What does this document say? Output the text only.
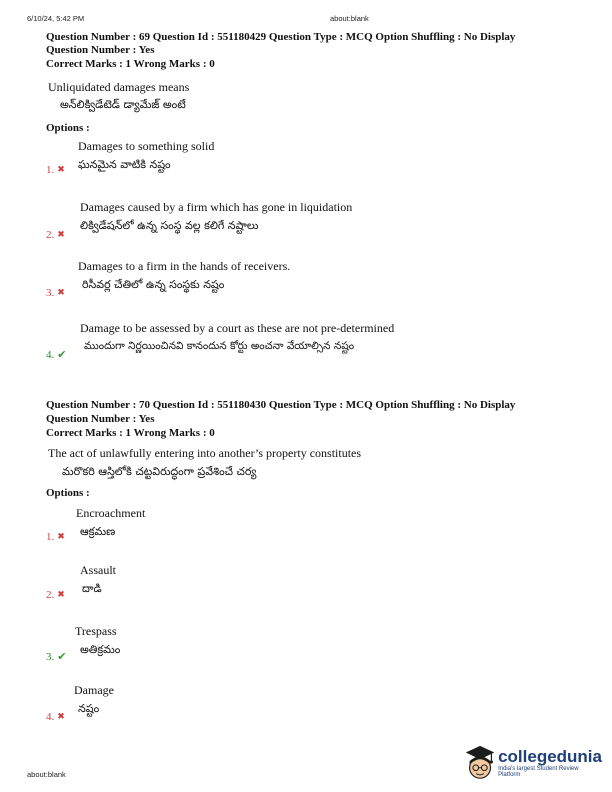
6/10/24, 5:42 PM	about:blank
Question Number : 69 Question Id : 551180429 Question Type : MCQ Option Shuffling : No Display
Question Number : Yes
Correct Marks : 1 Wrong Marks : 0
Unliquidated damages means
అన్‌లిక్విడేటెడ్ డ్యామేజ్ అంటే
Options :
Damages to something solid
ఘనమైన వాటికి నష్టం
1. ✖
Damages caused by a firm which has gone in liquidation
లిక్విడేషన్‌లో ఉన్న సంస్థ వల్ల కలిగే నష్టాలు
2. ✖
Damages to a firm in the hands of receivers.
రిసీవర్ల చేతిలో ఉన్న సంస్థకు నష్టం
3. ✖
Damage to be assessed by a court as these are not pre-determined
ముందుగా నిర్ణయించినవి కానందున కోర్టు అంచనా వేయాల్సిన నష్టం
4. ✔
Question Number : 70 Question Id : 551180430 Question Type : MCQ Option Shuffling : No Display
Question Number : Yes
Correct Marks : 1 Wrong Marks : 0
The act of unlawfully entering into another’s property constitutes
మరొకరి ఆస్తిలోకి చట్టవిరుద్ధంగా ప్రవేశించే చర్య
Options :
Encroachment
ఆక్రమణ
1. ✖
Assault
దాడి
2. ✖
Trespass
అతిక్రమం
3. ✔
Damage
నష్టం
4. ✖
about:blank
collegedunia
India's largest Student Review Platform
